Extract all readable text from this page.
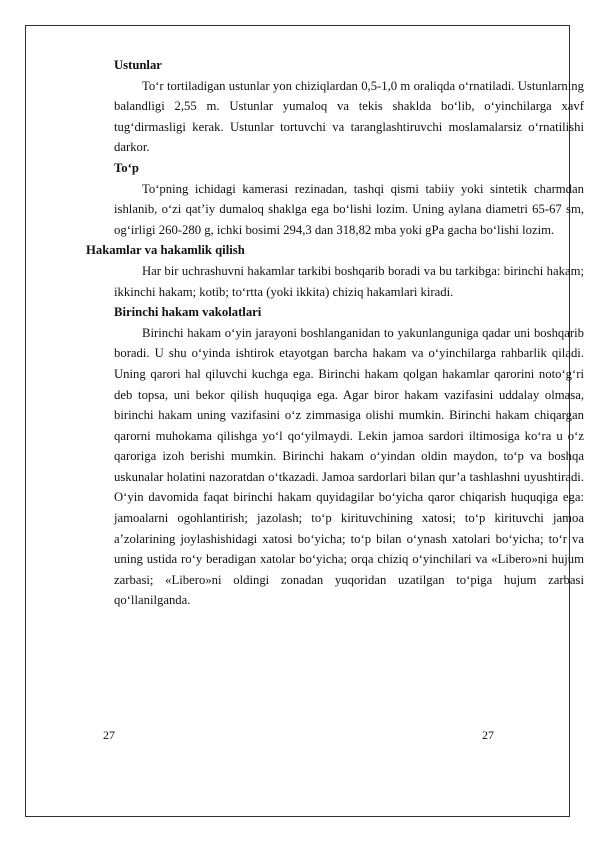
Ustunlar

To‘r tortiladigan ustunlar yon chiziqlardan 0,5-1,0 m oraliqda o‘rnatiladi. Ustunlarning balandligi 2,55 m. Ustunlar yumaloq va tekis shaklda bo‘lib, o‘yinchilarga xavf tug‘dirmasligi kerak. Ustunlar tortuvchi va taranglashtiruvchi moslamalarsiz o‘rnatilishi darkor.

To‘p

To‘pning ichidagi kamerasi rezinadan, tashqi qismi tabiiy yoki sintetik charmdan ishlanib, o‘zi qat’iy dumaloq shaklga ega bo‘lishi lozim. Uning aylana diametri 65-67 sm, og‘irligi 260-280 g, ichki bosimi 294,3 dan 318,82 mba yoki gPa gacha bo‘lishi lozim.

Hakamlar va hakamlik qilish

Har bir uchrashuvni hakamlar tarkibi boshqarib boradi va bu tarkibga: birinchi hakam; ikkinchi hakam; kotib; to‘rtta (yoki ikkita) chiziq hakamlari kiradi.

Birinchi hakam vakolatlari

Birinchi hakam o‘yin jarayoni boshlanganidan to yakunlanguniga qadar uni boshqarib boradi. U shu o‘yinda ishtirok etayotgan barcha hakam va o‘yinchilarga rahbarlik qiladi. Uning qarori hal qiluvchi kuchga ega. Birinchi hakam qolgan hakamlar qarorini noto‘g‘ri deb topsa, uni bekor qilish huquqiga ega. Agar biror hakam vazifasini uddalay olmasa, birinchi hakam uning vazifasini o‘z zimmasiga olishi mumkin. Birinchi hakam chiqargan qarorni muhokama qilishga yo‘l qo‘yilmaydi. Lekin jamoa sardori iltimosiga ko‘ra u o‘z qaroriga izoh berishi mumkin. Birinchi hakam o‘yindan oldin maydon, to‘p va boshqa uskunalar holatini nazoratdan o‘tkazadi. Jamoa sardorlari bilan qur’a tashlashni uyushtiradi. O‘yin davomida faqat birinchi hakam quyidagilar bo‘yicha qaror chiqarish huquqiga ega: jamoalarni ogohlantirish; jazolash; to‘p kirituvchining xatosi; to‘p kirituvchi jamoa a’zolarining joylashishidagi xatosi bo‘yicha; to‘p bilan o‘ynash xatolari bo‘yicha; to‘r va uning ustida ro‘y beradigan xatolar bo‘yicha; orqa chiziq o‘yinchilari va «Libero»ni hujum zarbasi; «Libero»ni oldingi zonadan yuqoridan uzatilgan to‘piga hujum zarbasi qo‘llanilganda.

27	27
